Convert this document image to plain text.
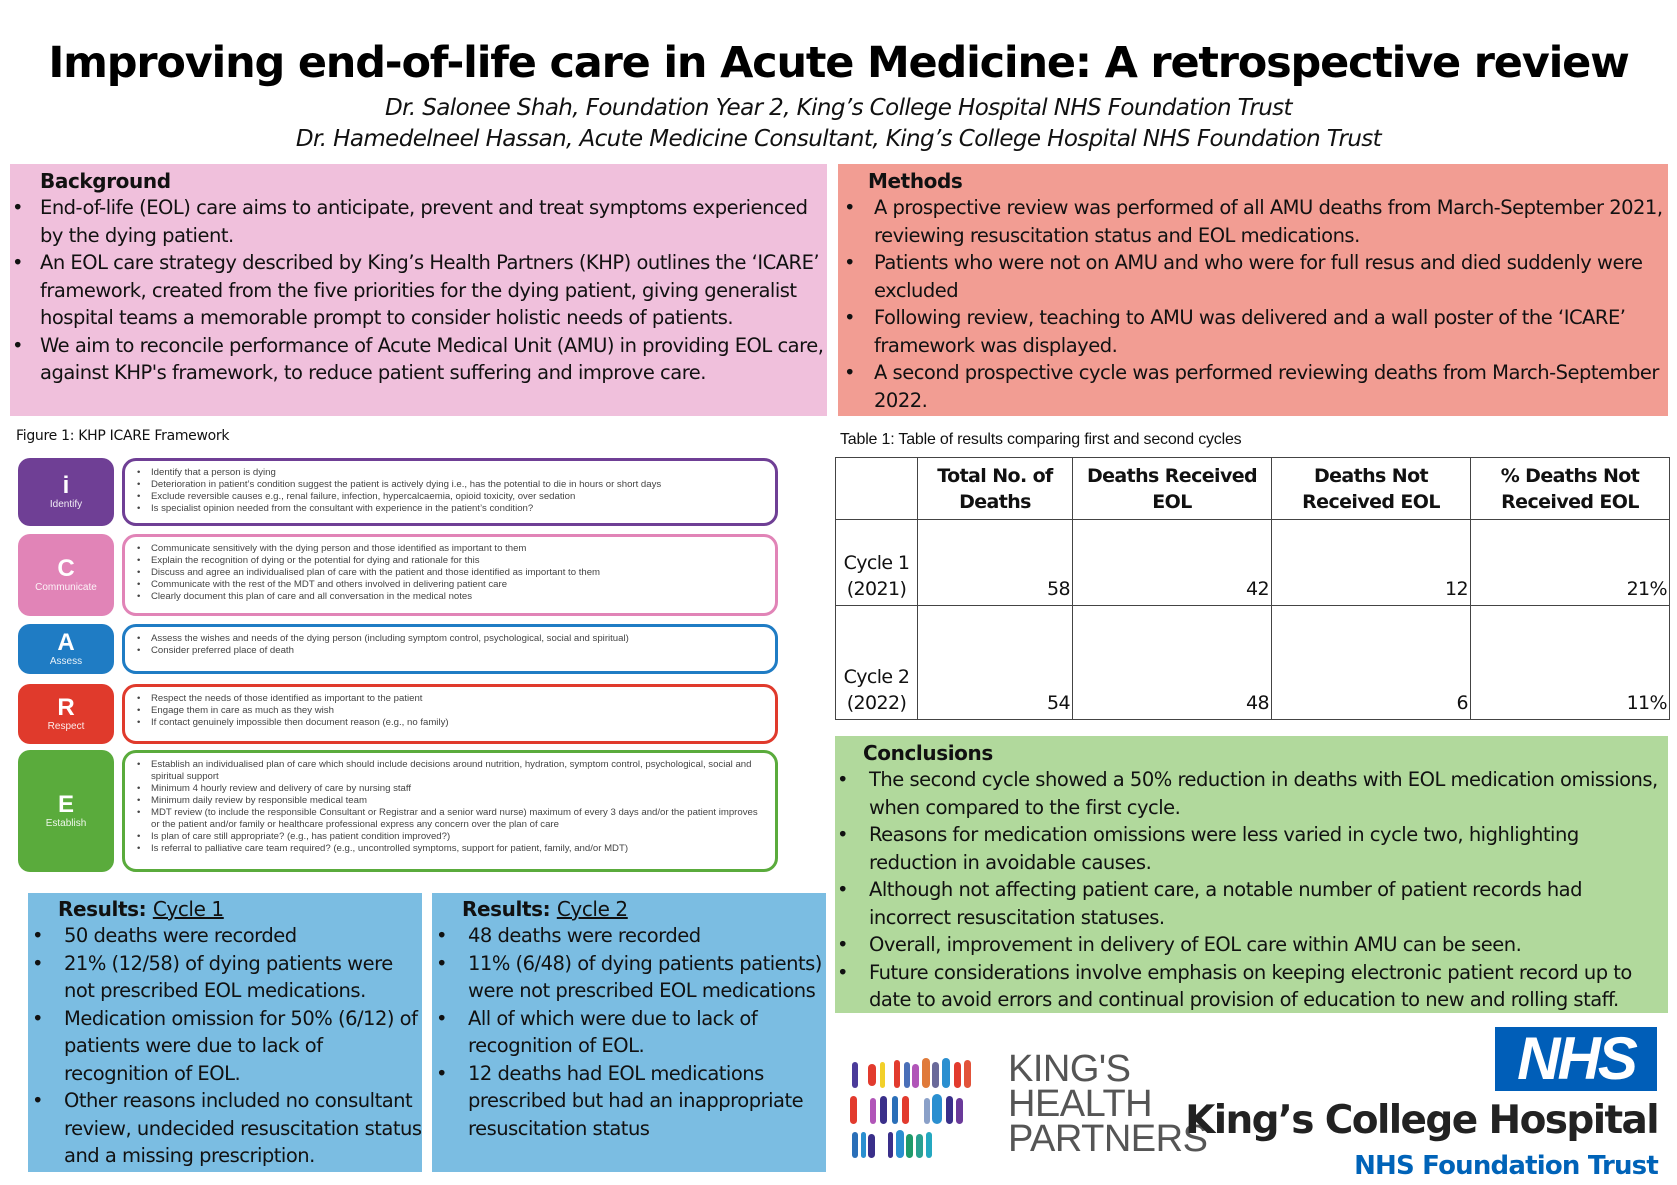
Improving end-of-life care in Acute Medicine: A retrospective review
Dr. Salonee Shah, Foundation Year 2, King’s College Hospital NHS Foundation Trust
Dr. Hamedelneel Hassan, Acute Medicine Consultant, King’s College Hospital NHS Foundation Trust
Background
• End-of-life (EOL) care aims to anticipate, prevent and treat symptoms experienced by the dying patient.
• An EOL care strategy described by King’s Health Partners (KHP) outlines the ‘ICARE’ framework, created from the five priorities for the dying patient, giving generalist hospital teams a memorable prompt to consider holistic needs of patients.
• We aim to reconcile performance of Acute Medical Unit (AMU) in providing EOL care, against KHP's framework, to reduce patient suffering and improve care.
Methods
• A prospective review was performed of all AMU deaths from March-September 2021, reviewing resuscitation status and EOL medications.
• Patients who were not on AMU and who were for full resus and died suddenly were excluded
• Following review, teaching to AMU was delivered and a wall poster of the ‘ICARE’ framework was displayed.
• A second prospective cycle was performed reviewing deaths from March-September 2022.
Figure 1: KHP ICARE Framework
i
Identify
• Identify that a person is dying
• Deterioration in patient’s condition suggest the patient is actively dying i.e., has the potential to die in hours or short days
• Exclude reversible causes e.g., renal failure, infection, hypercalcaemia, opioid toxicity, over sedation
• Is specialist opinion needed from the consultant with experience in the patient’s condition?
C
Communicate
• Communicate sensitively with the dying person and those identified as important to them
• Explain the recognition of dying or the potential for dying and rationale for this
• Discuss and agree an individualised plan of care with the patient and those identified as important to them
• Communicate with the rest of the MDT and others involved in delivering patient care
• Clearly document this plan of care and all conversation in the medical notes
A
Assess
• Assess the wishes and needs of the dying person (including symptom control, psychological, social and spiritual)
• Consider preferred place of death
R
Respect
• Respect the needs of those identified as important to the patient
• Engage them in care as much as they wish
• If contact genuinely impossible then document reason (e.g., no family)
E
Establish
• Establish an individualised plan of care which should include decisions around nutrition, hydration, symptom control, psychological, social and spiritual support
• Minimum 4 hourly review and delivery of care by nursing staff
• Minimum daily review by responsible medical team
• MDT review (to include the responsible Consultant or Registrar and a senior ward nurse) maximum of every 3 days and/or the patient improves or the patient and/or family or healthcare professional express any concern over the plan of care
• Is plan of care still appropriate? (e.g., has patient condition improved?)
• Is referral to palliative care team required? (e.g., uncontrolled symptoms, support for patient, family, and/or MDT)
Table 1: Table of results comparing first and second cycles
	Total No. of Deaths	Deaths Received EOL	Deaths Not Received EOL	% Deaths Not Received EOL
Cycle 1 (2021)	58	42	12	21%
Cycle 2 (2022)	54	48	6	11%
Results: Cycle 1
• 50 deaths were recorded
• 21% (12/58) of dying patients were not prescribed EOL medications.
• Medication omission for 50% (6/12) of patients were due to lack of recognition of EOL.
• Other reasons included no consultant review, undecided resuscitation status and a missing prescription.
Results: Cycle 2
• 48 deaths were recorded
• 11% (6/48) of dying patients patients) were not prescribed EOL medications
• All of which were due to lack of recognition of EOL.
• 12 deaths had EOL medications prescribed but had an inappropriate resuscitation status
Conclusions
• The second cycle showed a 50% reduction in deaths with EOL medication omissions, when compared to the first cycle.
• Reasons for medication omissions were less varied in cycle two, highlighting reduction in avoidable causes.
• Although not affecting patient care, a notable number of patient records had incorrect resuscitation statuses.
• Overall, improvement in delivery of EOL care within AMU can be seen.
• Future considerations involve emphasis on keeping electronic patient record up to date to avoid errors and continual provision of education to new and rolling staff.
KING'S
HEALTH
PARTNERS
NHS
King’s College Hospital
NHS Foundation Trust
